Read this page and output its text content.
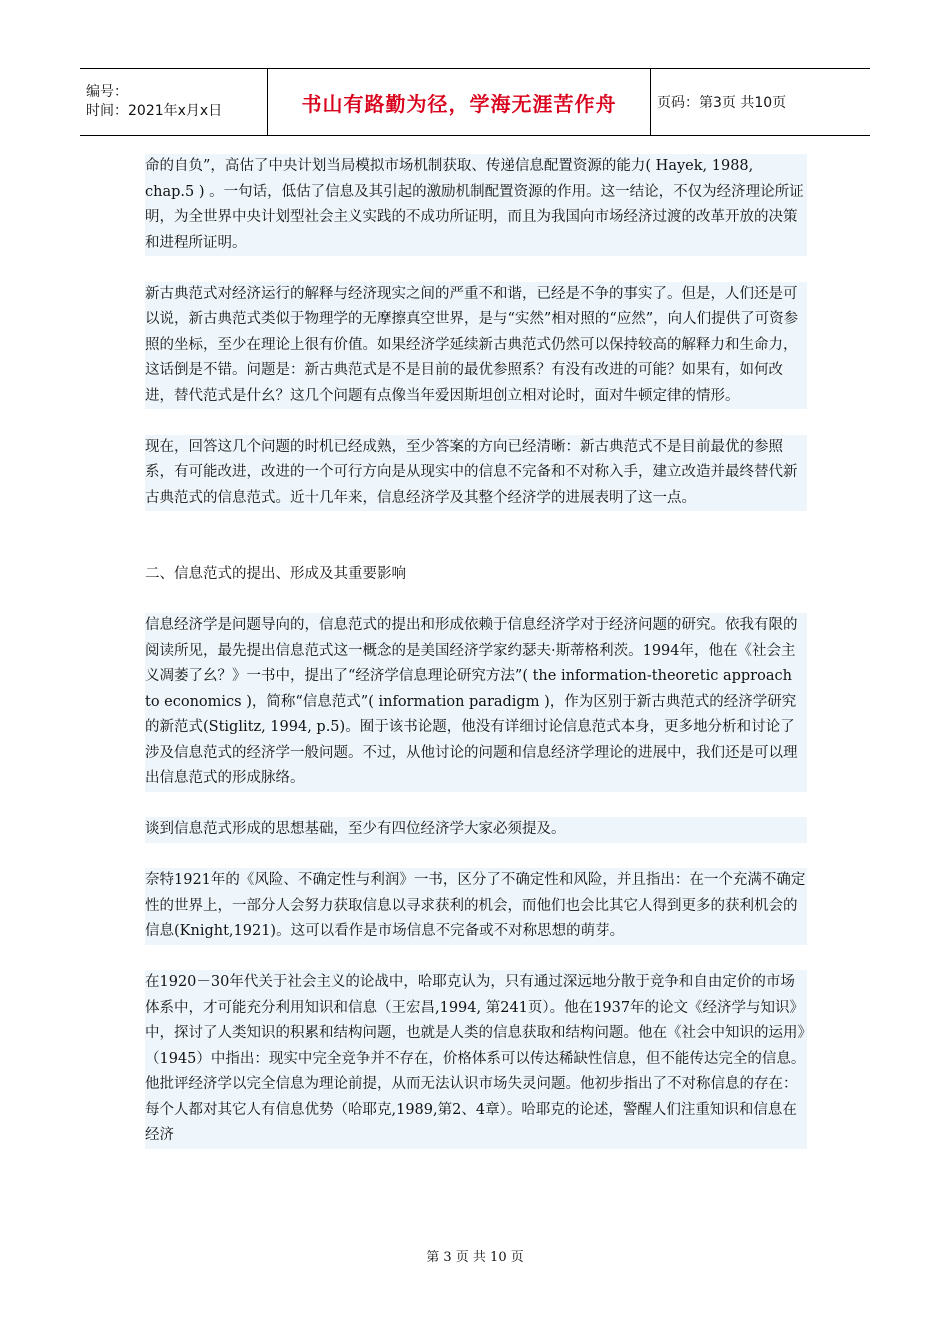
编号：
时间：2021年x月x日	书山有路勤为径，学海无涯苦作舟	页码：第3页 共10页

命的自负”，高估了中央计划当局模拟市场机制获取、传递信息配置资源的能力( Hayek, 1988, chap.5 ) 。一句话，低估了信息及其引起的激励机制配置资源的作用。这一结论，不仅为经济理论所证明，为全世界中央计划型社会主义实践的不成功所证明，而且为我国向市场经济过渡的改革开放的决策和进程所证明。

新古典范式对经济运行的解释与经济现实之间的严重不和谐，已经是不争的事实了。但是，人们还是可以说，新古典范式类似于物理学的无摩擦真空世界，是与“实然”相对照的“应然”，向人们提供了可资参照的坐标，至少在理论上很有价值。如果经济学延续新古典范式仍然可以保持较高的解释力和生命力，这话倒是不错。问题是：新古典范式是不是目前的最优参照系？有没有改进的可能？如果有，如何改进，替代范式是什幺？这几个问题有点像当年爱因斯坦创立相对论时，面对牛顿定律的情形。

现在，回答这几个问题的时机已经成熟，至少答案的方向已经清晰：新古典范式不是目前最优的参照系，有可能改进，改进的一个可行方向是从现实中的信息不完备和不对称入手，建立改造并最终替代新古典范式的信息范式。近十几年来，信息经济学及其整个经济学的进展表明了这一点。

二、信息范式的提出、形成及其重要影响

信息经济学是问题导向的，信息范式的提出和形成依赖于信息经济学对于经济问题的研究。依我有限的阅读所见，最先提出信息范式这一概念的是美国经济学家约瑟夫·斯蒂格利茨。1994年，他在《社会主义凋萎了幺？》一书中，提出了“经济学信息理论研究方法”( the information-theoretic approach to economics )，简称“信息范式”( information paradigm )，作为区别于新古典范式的经济学研究的新范式(Stiglitz, 1994, p.5)。囿于该书论题，他没有详细讨论信息范式本身，更多地分析和讨论了涉及信息范式的经济学一般问题。不过，从他讨论的问题和信息经济学理论的进展中，我们还是可以理出信息范式的形成脉络。

谈到信息范式形成的思想基础，至少有四位经济学大家必须提及。

奈特1921年的《风险、不确定性与利润》一书，区分了不确定性和风险，并且指出：在一个充满不确定性的世界上，一部分人会努力获取信息以寻求获利的机会，而他们也会比其它人得到更多的获利机会的信息(Knight,1921)。这可以看作是市场信息不完备或不对称思想的萌芽。

在1920－30年代关于社会主义的论战中，哈耶克认为，只有通过深远地分散于竞争和自由定价的市场体系中，才可能充分利用知识和信息（王宏昌,1994, 第241页）。他在1937年的论文《经济学与知识》中，探讨了人类知识的积累和结构问题，也就是人类的信息获取和结构问题。他在《社会中知识的运用》（1945）中指出：现实中完全竞争并不存在，价格体系可以传达稀缺性信息，但不能传达完全的信息。他批评经济学以完全信息为理论前提，从而无法认识市场失灵问题。他初步指出了不对称信息的存在：每个人都对其它人有信息优势（哈耶克,1989,第2、4章）。哈耶克的论述，警醒人们注重知识和信息在经济

第 3 页 共 10 页
